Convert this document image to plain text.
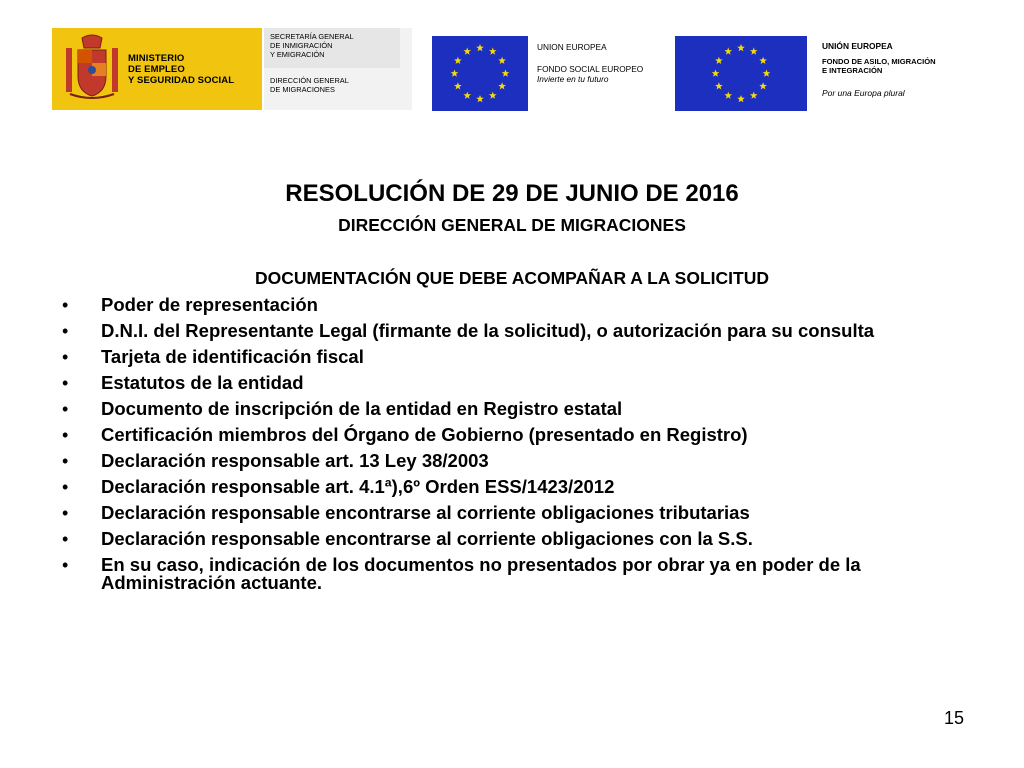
MINISTERIO
DE EMPLEO
Y SEGURIDAD SOCIAL
SECRETARÍA GENERAL
DE INMIGRACIÓN
Y EMIGRACIÓN
DIRECCIÓN GENERAL
DE MIGRACIONES
UNION EUROPEA
FONDO SOCIAL EUROPEO
Invierte en tu futuro
UNIÓN EUROPEA
FONDO DE ASILO, MIGRACIÓN E INTEGRACIÓN
Por una Europa plural
RESOLUCIÓN DE 29 DE JUNIO DE 2016
DIRECCIÓN GENERAL DE MIGRACIONES
DOCUMENTACIÓN QUE DEBE ACOMPAÑAR A LA SOLICITUD
• Poder de representación
• D.N.I. del Representante Legal (firmante de la solicitud), o autorización para su consulta
• Tarjeta de identificación fiscal
• Estatutos de la entidad
• Documento de inscripción de la entidad en Registro estatal
• Certificación miembros del Órgano de Gobierno (presentado en Registro)
• Declaración responsable art. 13 Ley 38/2003
• Declaración responsable art. 4.1ª),6º Orden ESS/1423/2012
• Declaración responsable encontrarse al corriente obligaciones tributarias
• Declaración responsable encontrarse al corriente obligaciones con la S.S.
• En su caso, indicación de los documentos no presentados por obrar ya en poder de la Administración actuante.
15
